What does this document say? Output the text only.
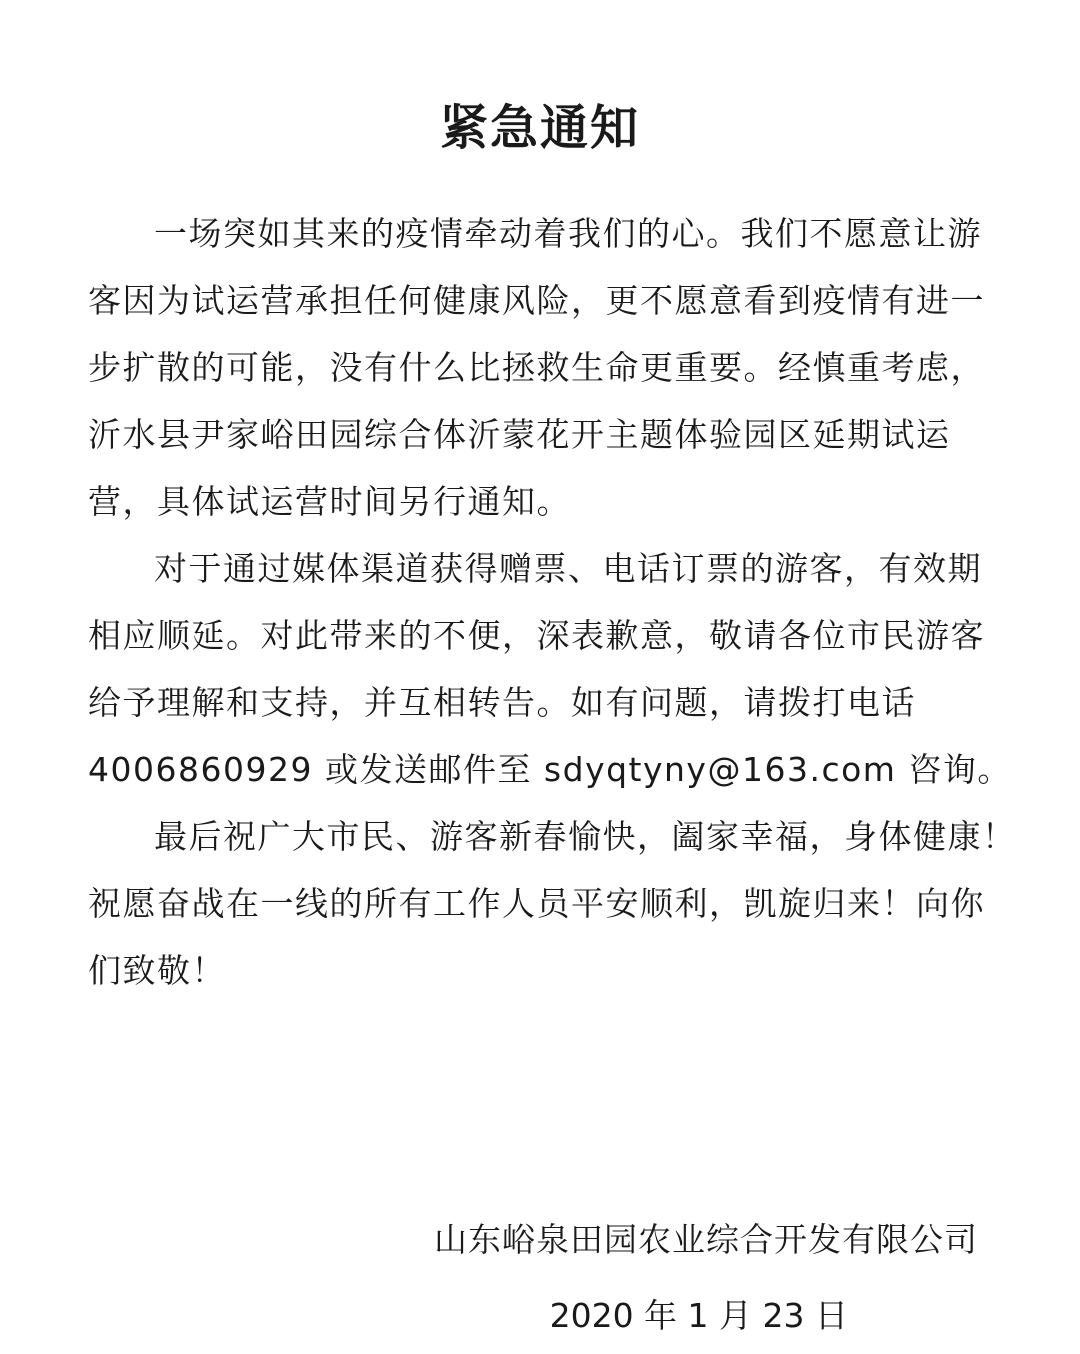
紧急通知

一场突如其来的疫情牵动着我们的心。我们不愿意让游
客因为试运营承担任何健康风险，更不愿意看到疫情有进一
步扩散的可能，没有什么比拯救生命更重要。经慎重考虑，
沂水县尹家峪田园综合体沂蒙花开主题体验园区延期试运
营，具体试运营时间另行通知。

对于通过媒体渠道获得赠票、电话订票的游客，有效期
相应顺延。对此带来的不便，深表歉意，敬请各位市民游客
给予理解和支持，并互相转告。如有问题，请拨打电话
4006860929 或发送邮件至 sdyqtyny@163.com 咨询。

最后祝广大市民、游客新春愉快，阖家幸福，身体健康！
祝愿奋战在一线的所有工作人员平安顺利，凯旋归来！向你
们致敬！

山东峪泉田园农业综合开发有限公司
2020 年 1 月 23 日
